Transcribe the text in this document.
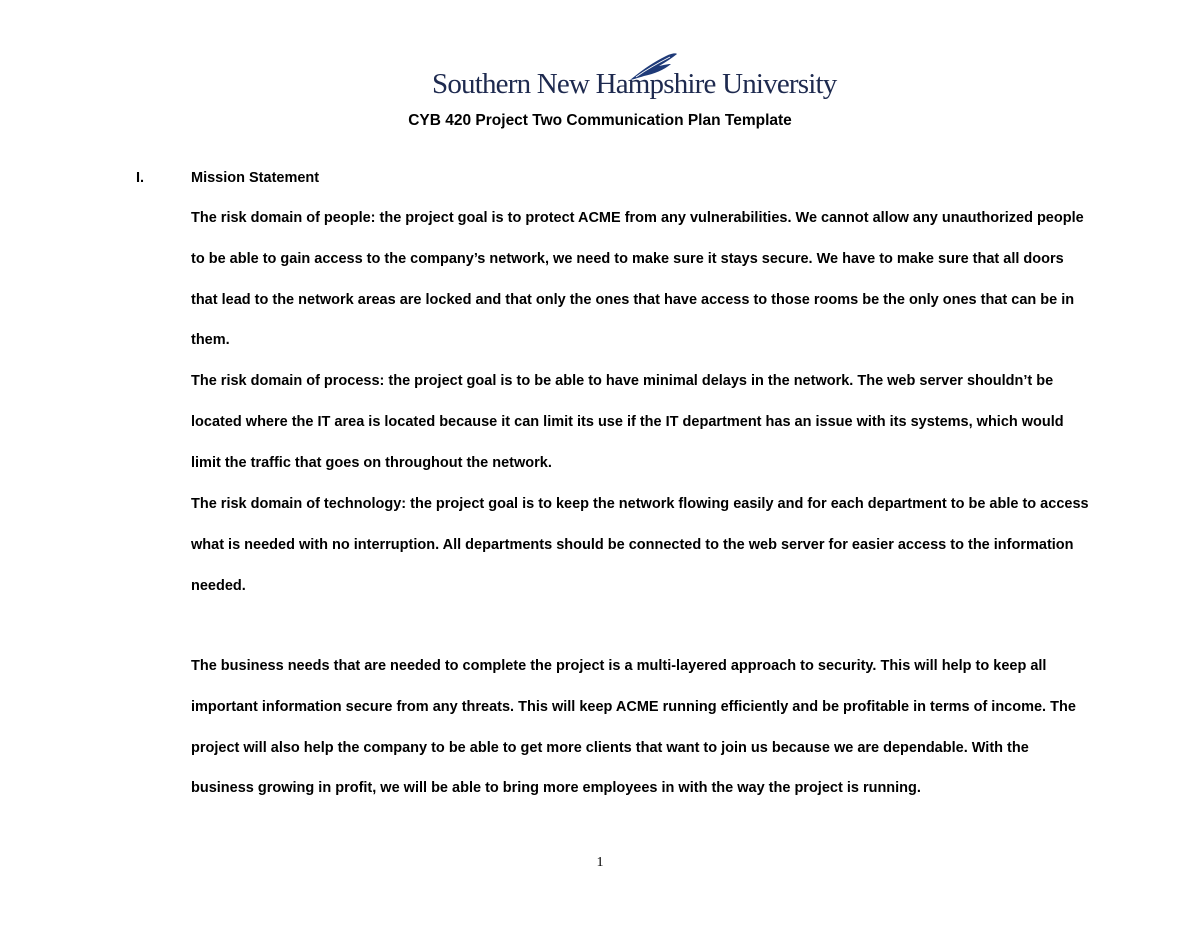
Southern New Hampshire University
CYB 420 Project Two Communication Plan Template
I.	Mission Statement
The risk domain of people: the project goal is to protect ACME from any vulnerabilities. We cannot allow any unauthorized people
to be able to gain access to the company’s network, we need to make sure it stays secure. We have to make sure that all doors
that lead to the network areas are locked and that only the ones that have access to those rooms be the only ones that can be in
them.
The risk domain of process: the project goal is to be able to have minimal delays in the network. The web server shouldn’t be
located where the IT area is located because it can limit its use if the IT department has an issue with its systems, which would
limit the traffic that goes on throughout the network.
The risk domain of technology: the project goal is to keep the network flowing easily and for each department to be able to access
what is needed with no interruption. All departments should be connected to the web server for easier access to the information
needed.
The business needs that are needed to complete the project is a multi-layered approach to security. This will help to keep all
important information secure from any threats. This will keep ACME running efficiently and be profitable in terms of income. The
project will also help the company to be able to get more clients that want to join us because we are dependable. With the
business growing in profit, we will be able to bring more employees in with the way the project is running.
1
